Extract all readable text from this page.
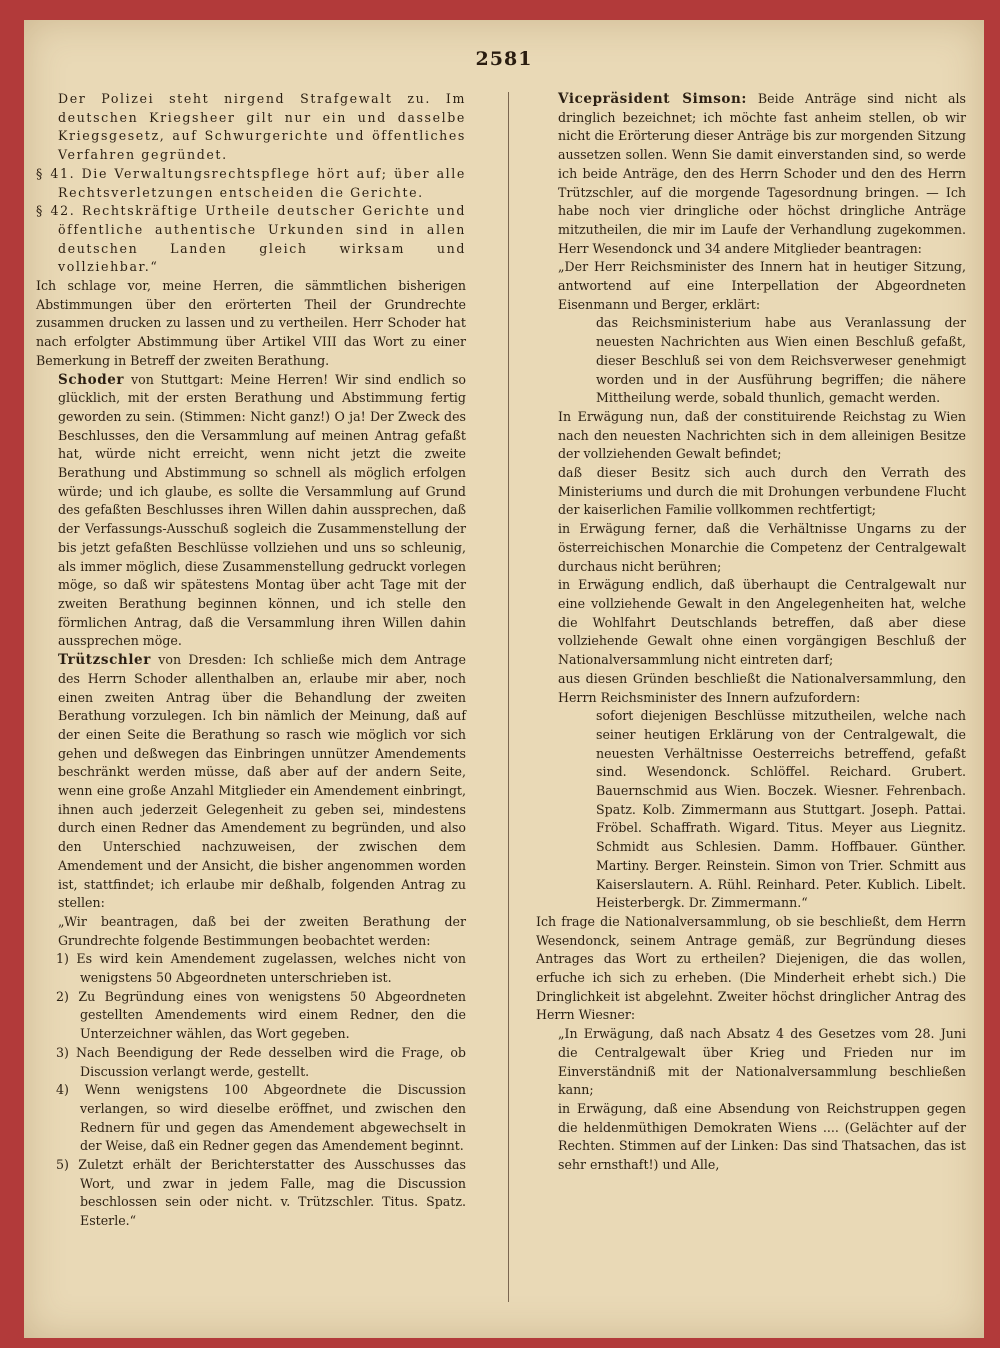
2581

Der Polizei steht nirgend Strafgewalt zu. Im deutschen Kriegsheer gilt nur ein und dasselbe Kriegsgesetz, auf Schwurgerichte und öffentliches Verfahren gegründet.

§ 41. Die Verwaltungsrechtspflege hört auf; über alle Rechtsverletzungen entscheiden die Gerichte.

§ 42. Rechtskräftige Urtheile deutscher Gerichte und öffentliche authentische Urkunden sind in allen deutschen Landen gleich wirksam und vollziehbar.“

Ich schlage vor, meine Herren, die sämmtlichen bisherigen Abstimmungen über den erörterten Theil der Grundrechte zusammen drucken zu lassen und zu vertheilen. Herr Schoder hat nach erfolgter Abstimmung über Artikel VIII das Wort zu einer Bemerkung in Betreff der zweiten Berathung.

Schoder von Stuttgart: Meine Herren! Wir sind endlich so glücklich, mit der ersten Berathung und Abstimmung fertig geworden zu sein. (Stimmen: Nicht ganz!) O ja! Der Zweck des Beschlusses, den die Versammlung auf meinen Antrag gefaßt hat, würde nicht erreicht, wenn nicht jetzt die zweite Berathung und Abstimmung so schnell als möglich erfolgen würde; und ich glaube, es sollte die Versammlung auf Grund des gefaßten Beschlusses ihren Willen dahin aussprechen, daß der Verfassungs-Ausschuß sogleich die Zusammenstellung der bis jetzt gefaßten Beschlüsse vollziehen und uns so schleunig, als immer möglich, diese Zusammenstellung gedruckt vorlegen möge, so daß wir spätestens Montag über acht Tage mit der zweiten Berathung beginnen können, und ich stelle den förmlichen Antrag, daß die Versammlung ihren Willen dahin aussprechen möge.

Trützschler von Dresden: Ich schließe mich dem Antrage des Herrn Schoder allenthalben an, erlaube mir aber, noch einen zweiten Antrag über die Behandlung der zweiten Berathung vorzulegen. Ich bin nämlich der Meinung, daß auf der einen Seite die Berathung so rasch wie möglich vor sich gehen und deßwegen das Einbringen unnützer Amendements beschränkt werden müsse, daß aber auf der andern Seite, wenn eine große Anzahl Mitglieder ein Amendement einbringt, ihnen auch jederzeit Gelegenheit zu geben sei, mindestens durch einen Redner das Amendement zu begründen, und also den Unterschied nachzuweisen, der zwischen dem Amendement und der Ansicht, die bisher angenommen worden ist, stattfindet; ich erlaube mir deßhalb, folgenden Antrag zu stellen:

„Wir beantragen, daß bei der zweiten Berathung der Grundrechte folgende Bestimmungen beobachtet werden:

1) Es wird kein Amendement zugelassen, welches nicht von wenigstens 50 Abgeordneten unterschrieben ist.

2) Zu Begründung eines von wenigstens 50 Abgeordneten gestellten Amendements wird einem Redner, den die Unterzeichner wählen, das Wort gegeben.

3) Nach Beendigung der Rede desselben wird die Frage, ob Discussion verlangt werde, gestellt.

4) Wenn wenigstens 100 Abgeordnete die Discussion verlangen, so wird dieselbe eröffnet, und zwischen den Rednern für und gegen das Amendement abgewechselt in der Weise, daß ein Redner gegen das Amendement beginnt.

5) Zuletzt erhält der Berichterstatter des Ausschusses das Wort, und zwar in jedem Falle, mag die Discussion beschlossen sein oder nicht. v. Trützschler. Titus. Spatz. Esterle.“

Vicepräsident Simson: Beide Anträge sind nicht als dringlich bezeichnet; ich möchte fast anheim stellen, ob wir nicht die Erörterung dieser Anträge bis zur morgenden Sitzung aussetzen sollen. Wenn Sie damit einverstanden sind, so werde ich beide Anträge, den des Herrn Schoder und den des Herrn Trützschler, auf die morgende Tagesordnung bringen. — Ich habe noch vier dringliche oder höchst dringliche Anträge mitzutheilen, die mir im Laufe der Verhandlung zugekommen. Herr Wesendonck und 34 andere Mitglieder beantragen:

„Der Herr Reichsminister des Innern hat in heutiger Sitzung, antwortend auf eine Interpellation der Abgeordneten Eisenmann und Berger, erklärt:

das Reichsministerium habe aus Veranlassung der neuesten Nachrichten aus Wien einen Beschluß gefaßt, dieser Beschluß sei von dem Reichsverweser genehmigt worden und in der Ausführung begriffen; die nähere Mittheilung werde, sobald thunlich, gemacht werden.

In Erwägung nun, daß der constituirende Reichstag zu Wien nach den neuesten Nachrichten sich in dem alleinigen Besitze der vollziehenden Gewalt befindet;

daß dieser Besitz sich auch durch den Verrath des Ministeriums und durch die mit Drohungen verbundene Flucht der kaiserlichen Familie vollkommen rechtfertigt;

in Erwägung ferner, daß die Verhältnisse Ungarns zu der österreichischen Monarchie die Competenz der Centralgewalt durchaus nicht berühren;

in Erwägung endlich, daß überhaupt die Centralgewalt nur eine vollziehende Gewalt in den Angelegenheiten hat, welche die Wohlfahrt Deutschlands betreffen, daß aber diese vollziehende Gewalt ohne einen vorgängigen Beschluß der Nationalversammlung nicht eintreten darf;

aus diesen Gründen beschließt die Nationalversammlung, den Herrn Reichsminister des Innern aufzufordern:

sofort diejenigen Beschlüsse mitzutheilen, welche nach seiner heutigen Erklärung von der Centralgewalt, die neuesten Verhältnisse Oesterreichs betreffend, gefaßt sind. Wesendonck. Schlöffel. Reichard. Grubert. Bauernschmid aus Wien. Boczek. Wiesner. Fehrenbach. Spatz. Kolb. Zimmermann aus Stuttgart. Joseph. Pattai. Fröbel. Schaffrath. Wigard. Titus. Meyer aus Liegnitz. Schmidt aus Schlesien. Damm. Hoffbauer. Günther. Martiny. Berger. Reinstein. Simon von Trier. Schmitt aus Kaiserslautern. A. Rühl. Reinhard. Peter. Kublich. Libelt. Heisterbergk. Dr. Zimmermann.“

Ich frage die Nationalversammlung, ob sie beschließt, dem Herrn Wesendonck, seinem Antrage gemäß, zur Begründung dieses Antrages das Wort zu ertheilen? Diejenigen, die das wollen, erfuche ich sich zu erheben. (Die Minderheit erhebt sich.) Die Dringlichkeit ist abgelehnt. Zweiter höchst dringlicher Antrag des Herrn Wiesner:

„In Erwägung, daß nach Absatz 4 des Gesetzes vom 28. Juni die Centralgewalt über Krieg und Frieden nur im Einverständniß mit der Nationalversammlung beschließen kann;

in Erwägung, daß eine Absendung von Reichstruppen gegen die heldenmüthigen Demokraten Wiens .... (Gelächter auf der Rechten. Stimmen auf der Linken: Das sind Thatsachen, das ist sehr ernsthaft!) und Alle,
